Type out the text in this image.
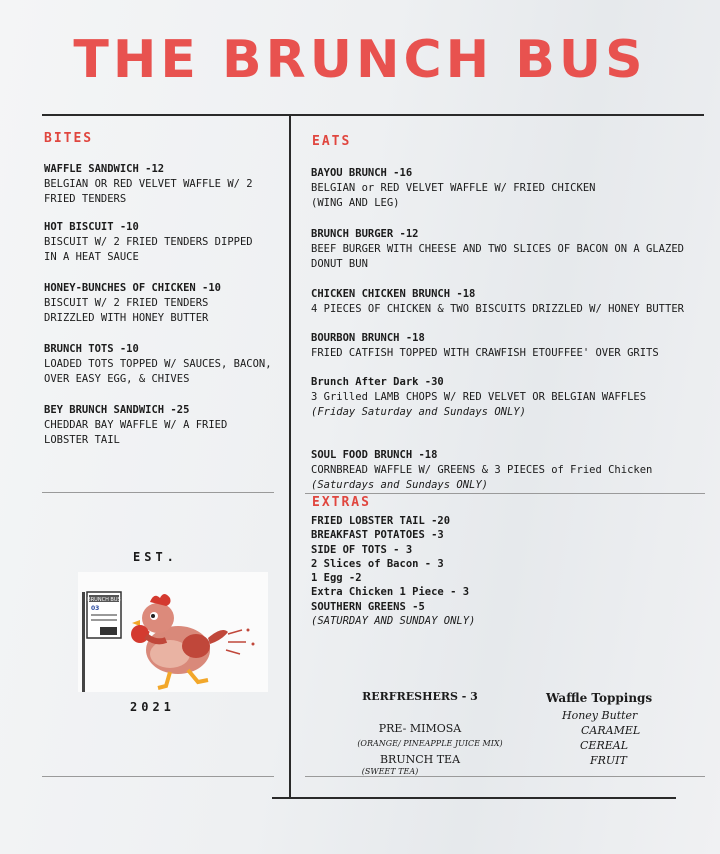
THE BRUNCH BUS
BITES
WAFFLE SANDWICH -12
BELGIAN OR RED VELVET WAFFLE W/ 2
FRIED TENDERS
HOT BISCUIT -10
BISCUIT W/ 2 FRIED TENDERS DIPPED
IN A HEAT SAUCE
HONEY-BUNCHES OF CHICKEN -10
BISCUIT W/ 2 FRIED TENDERS
DRIZZLED WITH HONEY BUTTER
BRUNCH TOTS -10
LOADED TOTS TOPPED W/ SAUCES, BACON,
OVER EASY EGG, & CHIVES
BEY BRUNCH SANDWICH -25
CHEDDAR BAY WAFFLE W/ A FRIED
LOBSTER TAIL
EST.
BRUNCH BUS
03
2021
EATS
BAYOU BRUNCH -16
BELGIAN or RED VELVET WAFFLE W/ FRIED CHICKEN
(WING AND LEG)
BRUNCH BURGER -12
BEEF BURGER WITH CHEESE AND TWO SLICES OF BACON ON A GLAZED
DONUT BUN
CHICKEN CHICKEN BRUNCH -18
4 PIECES OF CHICKEN & TWO BISCUITS DRIZZLED W/ HONEY BUTTER
BOURBON BRUNCH -18
FRIED CATFISH TOPPED WITH CRAWFISH ETOUFFEE' OVER GRITS
Brunch After Dark -30
3 Grilled LAMB CHOPS W/ RED VELVET OR BELGIAN WAFFLES
(Friday Saturday and Sundays ONLY)
SOUL FOOD BRUNCH -18
CORNBREAD WAFFLE W/ GREENS & 3 PIECES of Fried Chicken
(Saturdays and Sundays ONLY)
EXTRAS
FRIED LOBSTER TAIL -20
BREAKFAST POTATOES -3
SIDE OF TOTS - 3
2 Slices of Bacon - 3
1 Egg -2
Extra Chicken 1 Piece - 3
SOUTHERN GREENS -5
(SATURDAY AND SUNDAY ONLY)
RERFRESHERS - 3
PRE- MIMOSA
(ORANGE/ PINEAPPLE JUICE MIX)
BRUNCH TEA
(SWEET TEA)
Waffle Toppings
Honey Butter
CARAMEL
CEREAL
FRUIT
